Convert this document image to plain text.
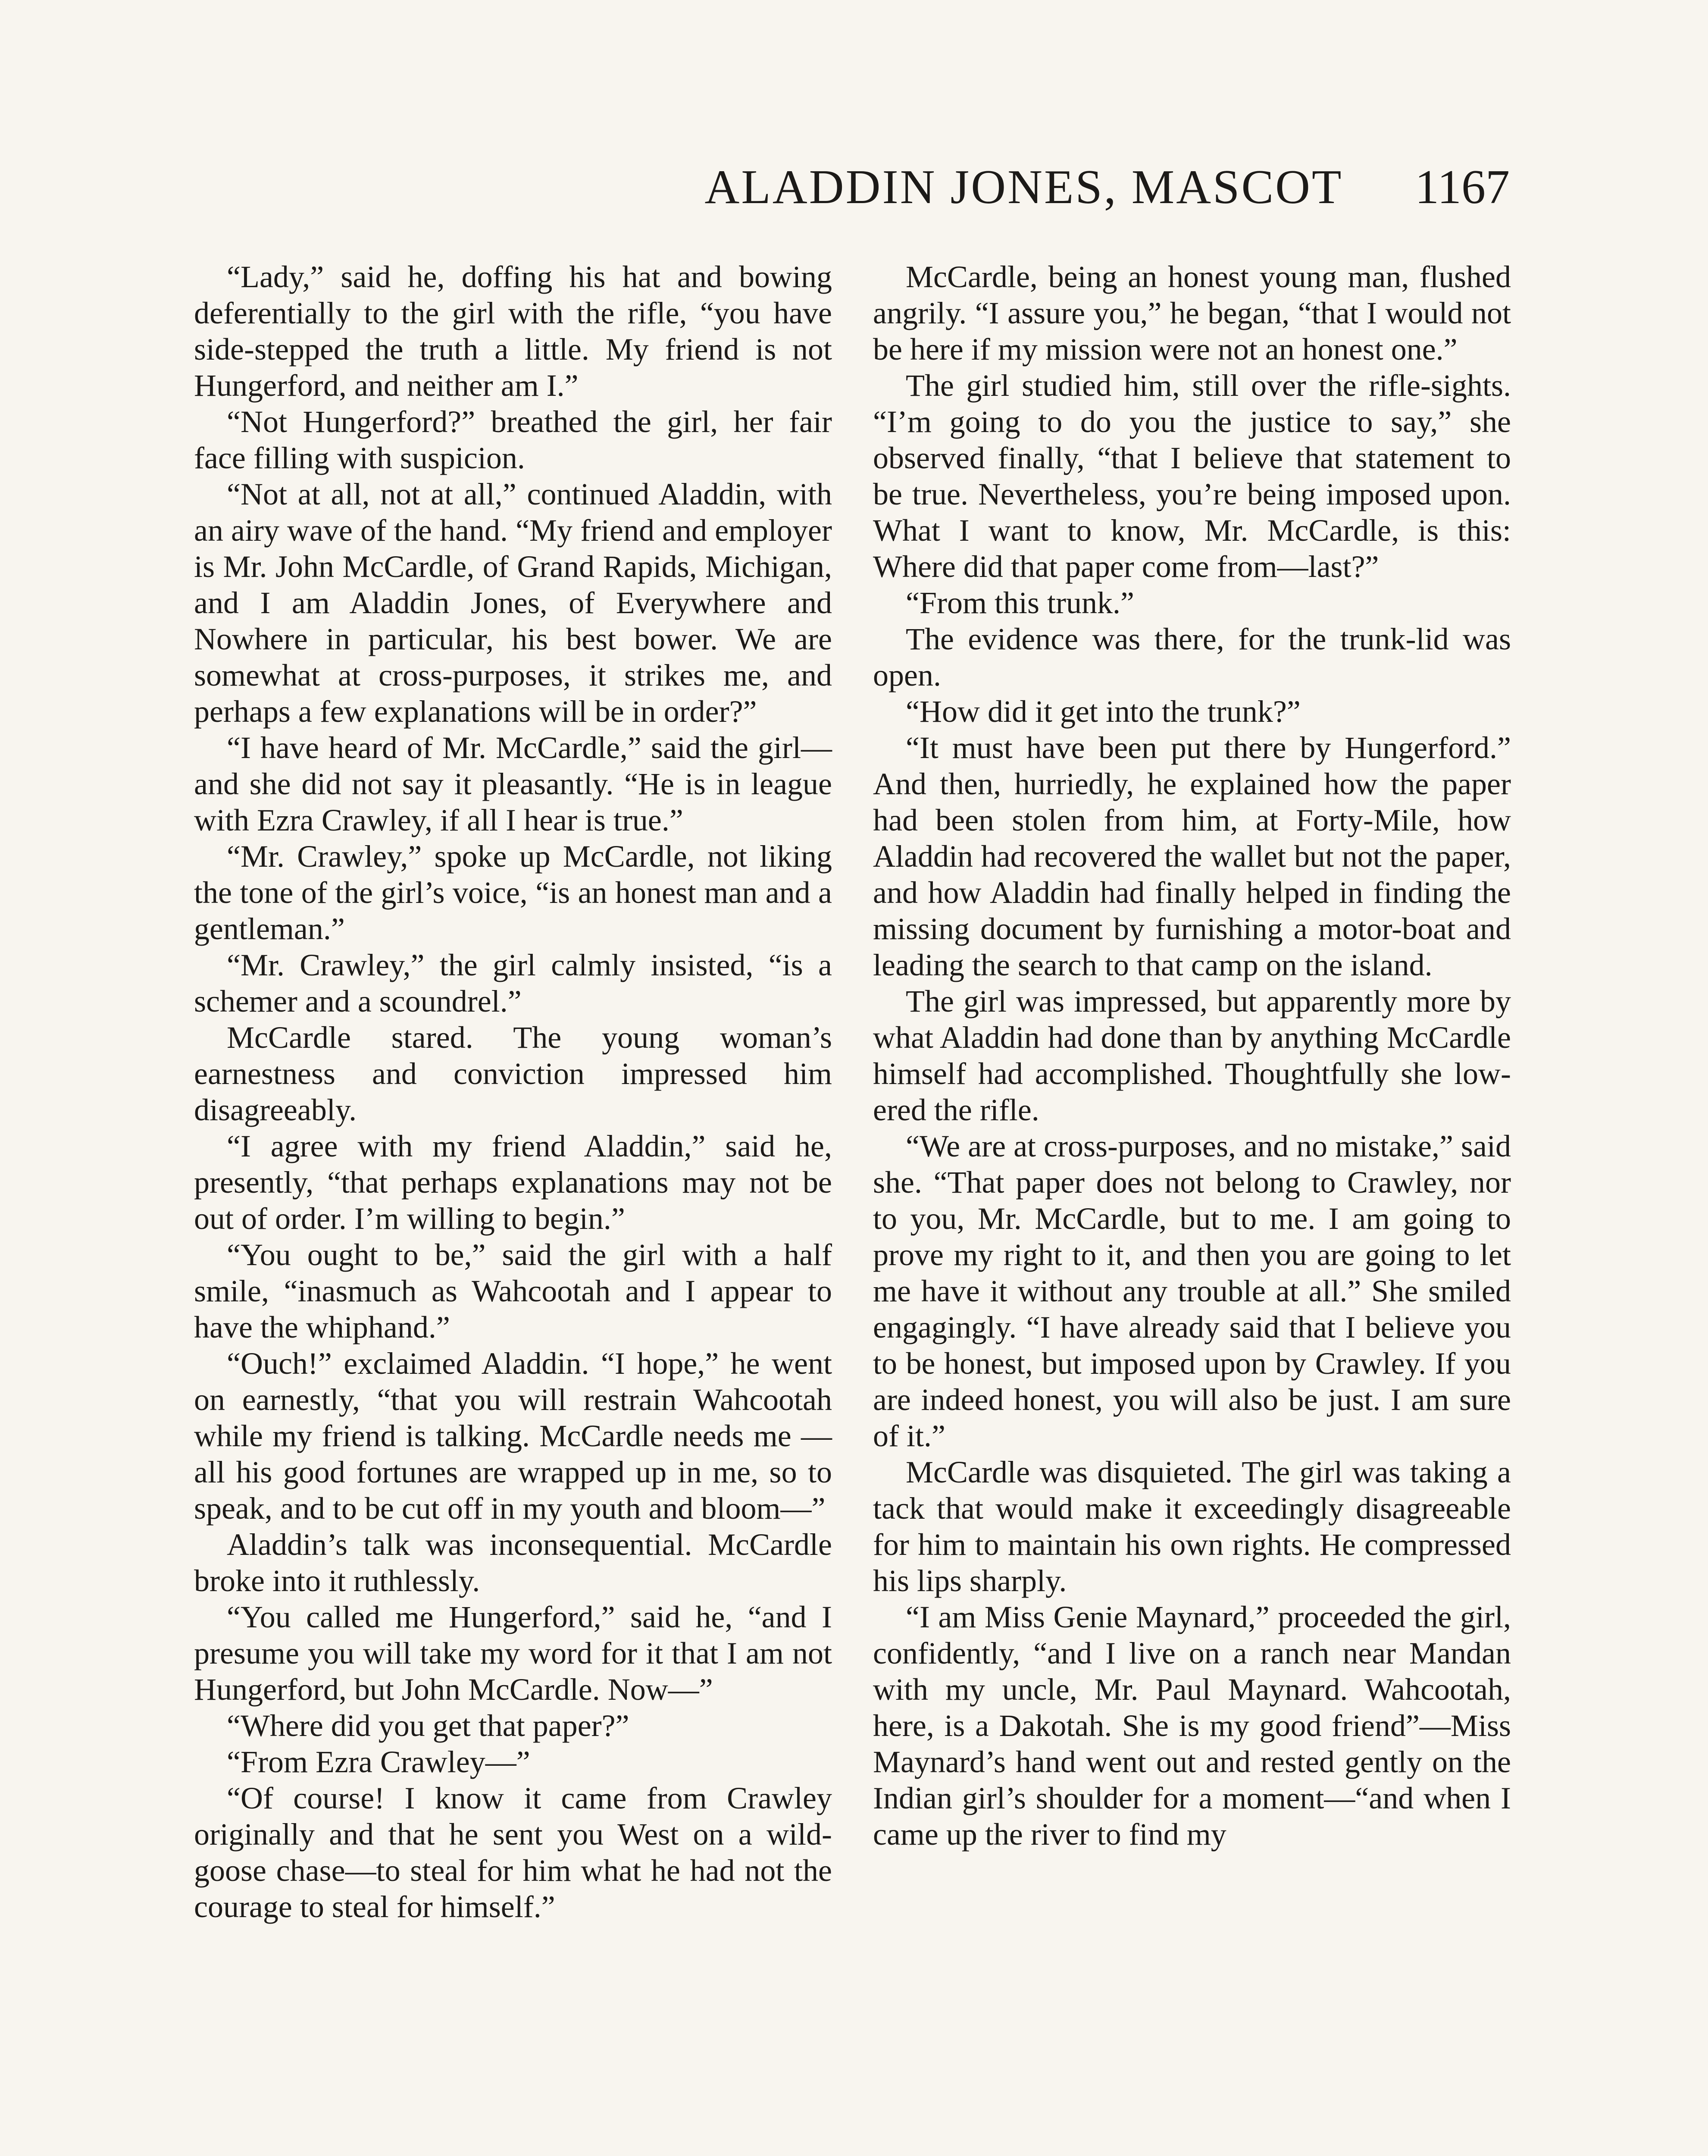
ALADDIN JONES, MASCOT	1167

“Lady,” said he, doffing his hat and bowing deferentially to the girl with the rifle, “you have side-stepped the truth a little. My friend is not Hungerford, and neither am I.”

“Not Hungerford?” breathed the girl, her fair face filling with suspicion.

“Not at all, not at all,” continued Aladdin, with an airy wave of the hand. “My friend and employer is Mr. John McCardle, of Grand Rapids, Michigan, and I am Aladdin Jones, of Everywhere and Nowhere in particular, his best bower. We are somewhat at cross-purposes, it strikes me, and perhaps a few explanations will be in order?”

“I have heard of Mr. McCardle,” said the girl—and she did not say it pleasantly. “He is in league with Ezra Crawley, if all I hear is true.”

“Mr. Crawley,” spoke up McCardle, not liking the tone of the girl’s voice, “is an honest man and a gentleman.”

“Mr. Crawley,” the girl calmly insisted, “is a schemer and a scoundrel.”

McCardle stared. The young woman’s earnestness and conviction impressed him disagreeably.

“I agree with my friend Aladdin,” said he, presently, “that perhaps explanations may not be out of order. I’m willing to begin.”

“You ought to be,” said the girl with a half smile, “inasmuch as Wahcootah and I appear to have the whiphand.”

“Ouch!” exclaimed Aladdin. “I hope,” he went on earnestly, “that you will restrain Wahcootah while my friend is talking. McCardle needs me —all his good fortunes are wrapped up in me, so to speak, and to be cut off in my youth and bloom—”

Aladdin’s talk was inconsequential. McCardle broke into it ruthlessly.

“You called me Hungerford,” said he, “and I presume you will take my word for it that I am not Hungerford, but John McCardle. Now—”

“Where did you get that paper?”

“From Ezra Crawley—”

“Of course! I know it came from Crawley originally and that he sent you West on a wild-goose chase—to steal for him what he had not the courage to steal for himself.”

McCardle, being an honest young man, flushed angrily. “I assure you,” he began, “that I would not be here if my mission were not an honest one.”

The girl studied him, still over the rifle-sights. “I’m going to do you the justice to say,” she observed finally, “that I believe that statement to be true. Nevertheless, you’re being imposed upon. What I want to know, Mr. McCardle, is this: Where did that paper come from—last?”

“From this trunk.”

The evidence was there, for the trunk-lid was open.

“How did it get into the trunk?”

“It must have been put there by Hungerford.” And then, hurriedly, he explained how the paper had been stolen from him, at Forty-Mile, how Aladdin had recovered the wallet but not the paper, and how Aladdin had finally helped in finding the missing document by furnishing a motor-boat and leading the search to that camp on the island.

The girl was impressed, but apparently more by what Aladdin had done than by anything McCardle himself had accomplished. Thoughtfully she lowered the rifle.

“We are at cross-purposes, and no mistake,” said she. “That paper does not belong to Crawley, nor to you, Mr. McCardle, but to me. I am going to prove my right to it, and then you are going to let me have it without any trouble at all.” She smiled engagingly. “I have already said that I believe you to be honest, but imposed upon by Crawley. If you are indeed honest, you will also be just. I am sure of it.”

McCardle was disquieted. The girl was taking a tack that would make it exceedingly disagreeable for him to maintain his own rights. He compressed his lips sharply.

“I am Miss Genie Maynard,” proceeded the girl, confidently, “and I live on a ranch near Mandan with my uncle, Mr. Paul Maynard. Wahcootah, here, is a Dakotah. She is my good friend”—Miss Maynard’s hand went out and rested gently on the Indian girl’s shoulder for a moment—“and when I came up the river to find my
